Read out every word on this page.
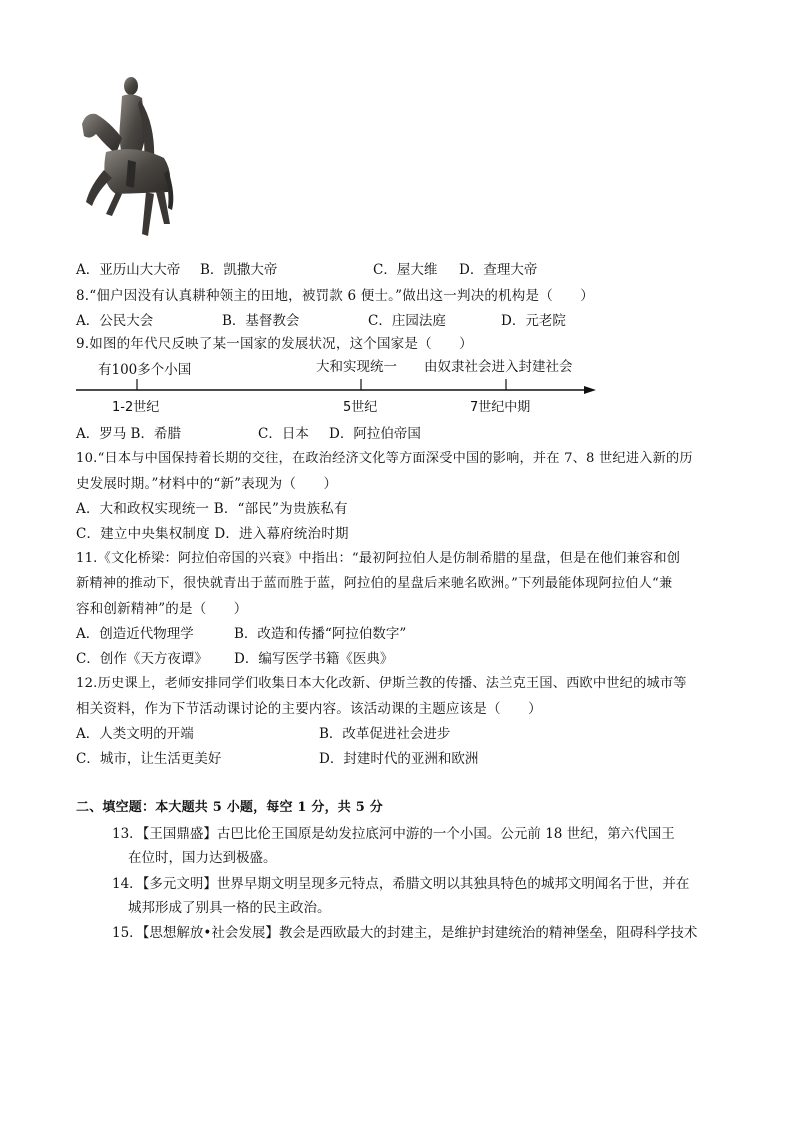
A．亚历山大大帝 B．凯撒大帝	C．屋大维 D．查理大帝
8.“佃户因没有认真耕种领主的田地，被罚款 6 便士。”做出这一判决的机构是（　　）
A．公民大会	B．基督教会	C．庄园法庭	D．元老院
9.如图的年代尺反映了某一国家的发展状况，这个国家是（　　）
有100多个小国	大和实现统一 由奴隶社会进入封建社会
1-2世纪	5世纪	7世纪中期
A．罗马 B．希腊	C．日本 D．阿拉伯帝国
10.“日本与中国保持着长期的交往，在政治经济文化等方面深受中国的影响，并在 7、8 世纪进入新的历
史发展时期。”材料中的“新”表现为（　　）
A．大和政权实现统一 B．“部民”为贵族私有
C．建立中央集权制度 D．进入幕府统治时期
11.《文化桥梁：阿拉伯帝国的兴衰》中指出：“最初阿拉伯人是仿制希腊的星盘，但是在他们兼容和创
新精神的推动下，很快就青出于蓝而胜于蓝，阿拉伯的星盘后来驰名欧洲。”下列最能体现阿拉伯人“兼
容和创新精神”的是（　　）
A．创造近代物理学	B．改造和传播“阿拉伯数字”
C．创作《天方夜谭》 D．编写医学书籍《医典》
12.历史课上，老师安排同学们收集日本大化改新、伊斯兰教的传播、法兰克王国、西欧中世纪的城市等
相关资料，作为下节活动课讨论的主要内容。该活动课的主题应该是（　　）
A．人类文明的开端	B．改革促进社会进步
C．城市，让生活更美好	D．封建时代的亚洲和欧洲
二、填空题：本大题共 5 小题，每空 1 分，共 5 分
13．【王国鼎盛】古巴比伦王国原是幼发拉底河中游的一个小国。公元前 18 世纪，第六代国王
在位时，国力达到极盛。
14．【多元文明】世界早期文明呈现多元特点，希腊文明以其独具特色的城邦文明闻名于世，并在
城邦形成了别具一格的民主政治。
15．【思想解放•社会发展】教会是西欧最大的封建主，是维护封建统治的精神堡垒，阻碍科学技术
